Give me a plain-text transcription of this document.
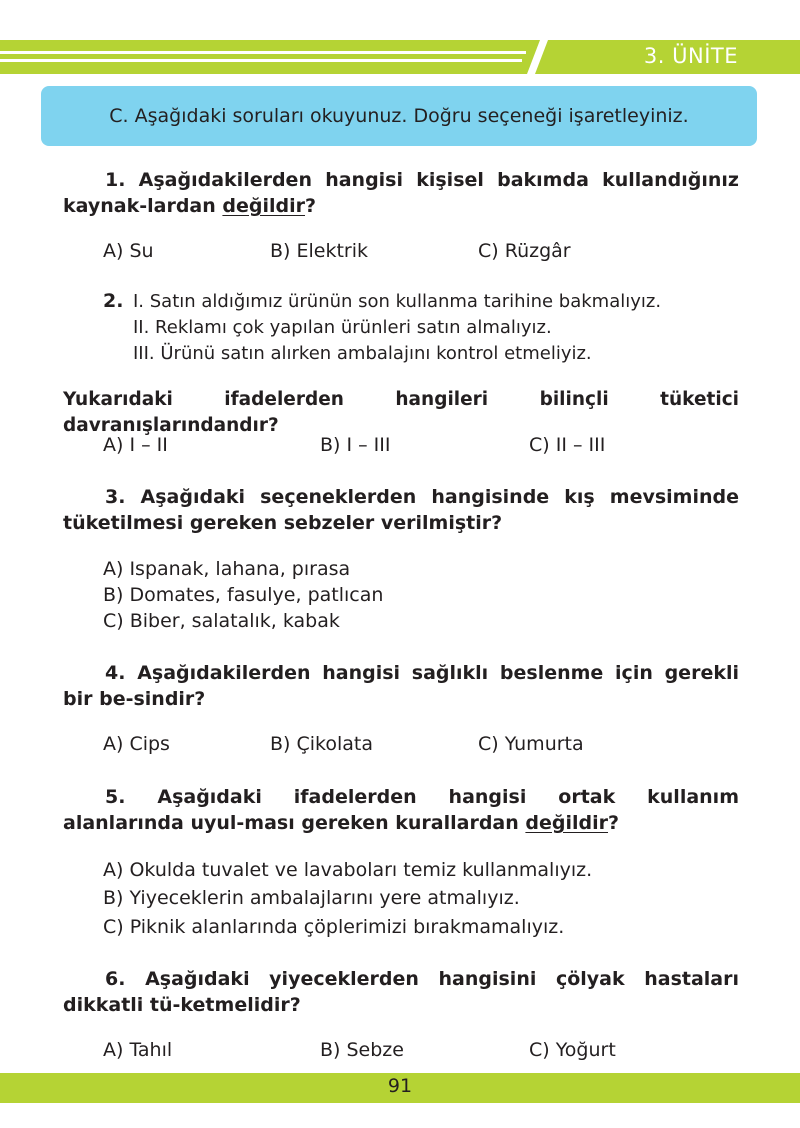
3. ÜNİTE
C. Aşağıdaki soruları okuyunuz. Doğru seçeneği işaretleyiniz.
1. Aşağıdakilerden hangisi kişisel bakımda kullandığınız kaynak-lardan değildir?
A) Su	B) Elektrik	C) Rüzgâr
2. I. Satın aldığımız ürünün son kullanma tarihine bakmalıyız.
II. Reklamı çok yapılan ürünleri satın almalıyız.
III. Ürünü satın alırken ambalajını kontrol etmeliyiz.
Yukarıdaki ifadelerden hangileri bilinçli tüketici davranışlarındandır?
A) I – II	B) I – III	C) II – III
3. Aşağıdaki seçeneklerden hangisinde kış mevsiminde tüketilmesi gereken sebzeler verilmiştir?
A) Ispanak, lahana, pırasa
B) Domates, fasulye, patlıcan
C) Biber, salatalık, kabak
4. Aşağıdakilerden hangisi sağlıklı beslenme için gerekli bir be-sindir?
A) Cips	B) Çikolata	C) Yumurta
5. Aşağıdaki ifadelerden hangisi ortak kullanım alanlarında uyul-ması gereken kurallardan değildir?
A) Okulda tuvalet ve lavaboları temiz kullanmalıyız.
B) Yiyeceklerin ambalajlarını yere atmalıyız.
C) Piknik alanlarında çöplerimizi bırakmamalıyız.
6. Aşağıdaki yiyeceklerden hangisini çölyak hastaları dikkatli tü-ketmelidir?
A) Tahıl	B) Sebze	C) Yoğurt
91
